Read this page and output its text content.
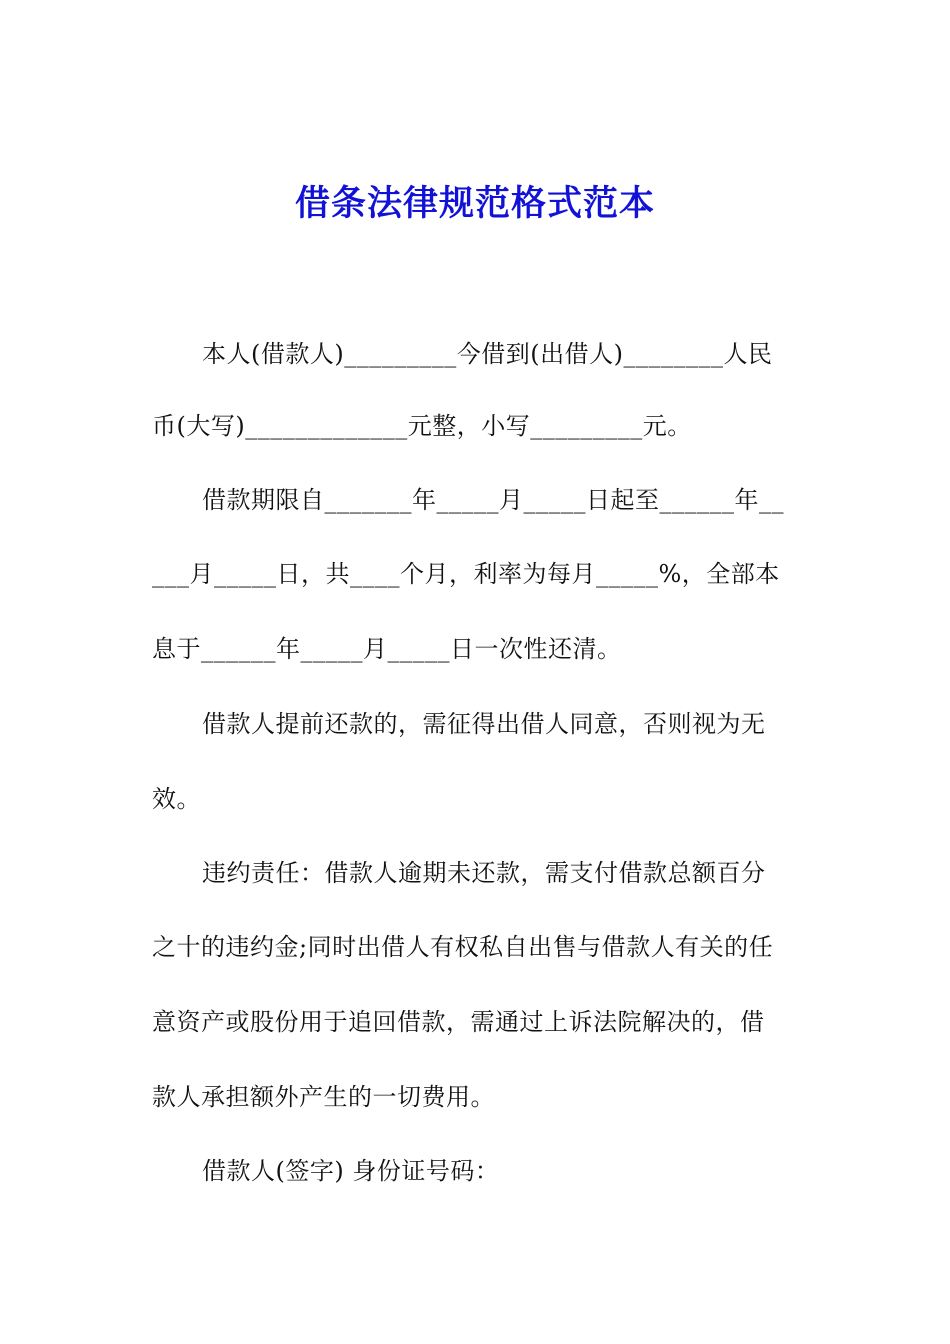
借条法律规范格式范本
本人(借款人)_________今借到(出借人)________人民
币(大写)_____________元整，小写_________元。
借款期限自_______年_____月_____日起至______年__
___月_____日，共____个月，利率为每月_____%，全部本
息于______年_____月_____日一次性还清。
借款人提前还款的，需征得出借人同意，否则视为无
效。
违约责任：借款人逾期未还款，需支付借款总额百分
之十的违约金;同时出借人有权私自出售与借款人有关的任
意资产或股份用于追回借款，需通过上诉法院解决的，借
款人承担额外产生的一切费用。
借款人(签字) 身份证号码：
